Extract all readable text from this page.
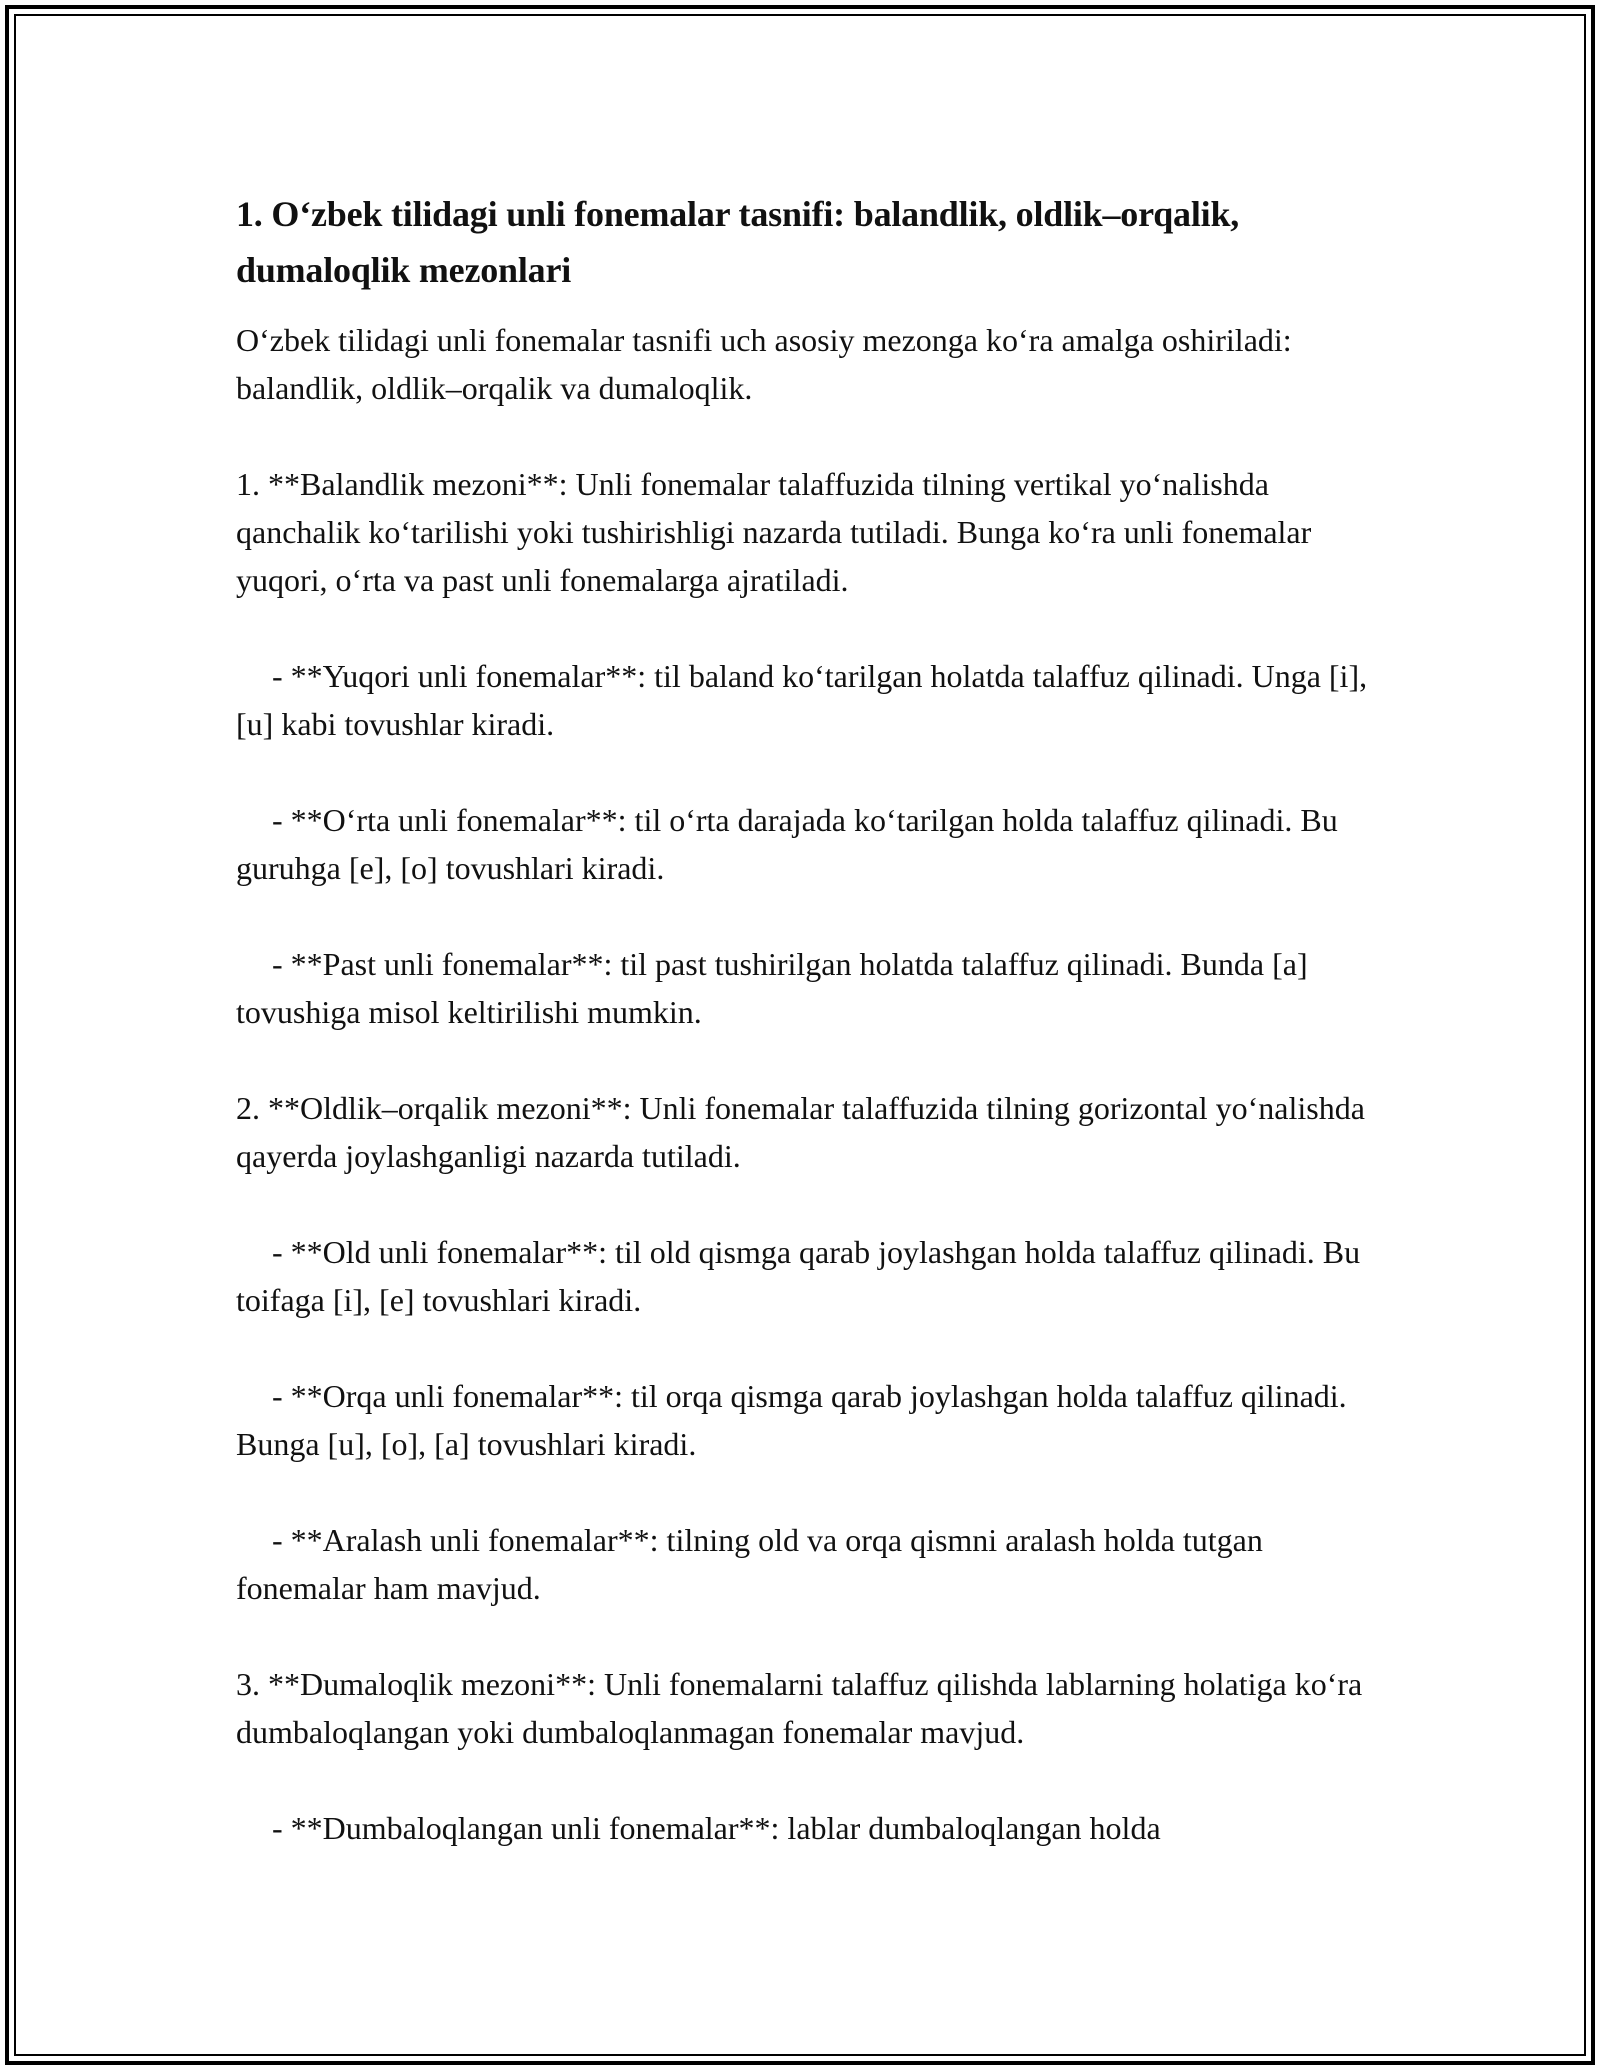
1. O‘zbek tilidagi unli fonemalar tasnifi: balandlik, oldlik–orqalik, dumaloqlik mezonlari

O‘zbek tilidagi unli fonemalar tasnifi uch asosiy mezonga ko‘ra amalga oshiriladi: balandlik, oldlik–orqalik va dumaloqlik.

1. **Balandlik mezoni**: Unli fonemalar talaffuzida tilning vertikal yo‘nalishda qanchalik ko‘tarilishi yoki tushirishligi nazarda tutiladi. Bunga ko‘ra unli fonemalar yuqori, o‘rta va past unli fonemalarga ajratiladi.

- **Yuqori unli fonemalar**: til baland ko‘tarilgan holatda talaffuz qilinadi. Unga [i], [u] kabi tovushlar kiradi.

- **O‘rta unli fonemalar**: til o‘rta darajada ko‘tarilgan holda talaffuz qilinadi. Bu guruhga [e], [o] tovushlari kiradi.

- **Past unli fonemalar**: til past tushirilgan holatda talaffuz qilinadi. Bunda [a] tovushiga misol keltirilishi mumkin.

2. **Oldlik–orqalik mezoni**: Unli fonemalar talaffuzida tilning gorizontal yo‘nalishda qayerda joylashganligi nazarda tutiladi.

- **Old unli fonemalar**: til old qismga qarab joylashgan holda talaffuz qilinadi. Bu toifaga [i], [e] tovushlari kiradi.

- **Orqa unli fonemalar**: til orqa qismga qarab joylashgan holda talaffuz qilinadi. Bunga [u], [o], [a] tovushlari kiradi.

- **Aralash unli fonemalar**: tilning old va orqa qismni aralash holda tutgan fonemalar ham mavjud.

3. **Dumaloqlik mezoni**: Unli fonemalarni talaffuz qilishda lablarning holatiga ko‘ra dumbaloqlangan yoki dumbaloqlanmagan fonemalar mavjud.

- **Dumbaloqlangan unli fonemalar**: lablar dumbaloqlangan holda
